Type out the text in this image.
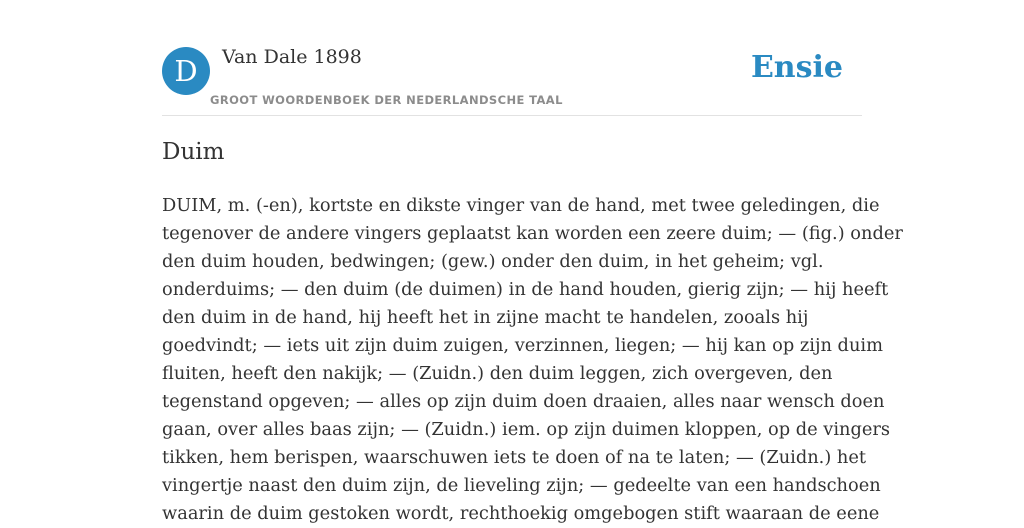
D	Van Dale 1898
GROOT WOORDENBOEK DER NEDERLANDSCHE TAAL
Ensie
Duim
DUIM, m. (-en), kortste en dikste vinger van de hand, met twee geledingen, die
tegenover de andere vingers geplaatst kan worden een zeere duim; — (fig.) onder
den duim houden, bedwingen; (gew.) onder den duim, in het geheim; vgl.
onderduims; — den duim (de duimen) in de hand houden, gierig zijn; — hij heeft
den duim in de hand, hij heeft het in zijne macht te handelen, zooals hij
goedvindt; — iets uit zijn duim zuigen, verzinnen, liegen; — hij kan op zijn duim
fluiten, heeft den nakijk; — (Zuidn.) den duim leggen, zich overgeven, den
tegenstand opgeven; — alles op zijn duim doen draaien, alles naar wensch doen
gaan, over alles baas zijn; — (Zuidn.) iem. op zijn duimen kloppen, op de vingers
tikken, hem berispen, waarschuwen iets te doen of na te laten; — (Zuidn.) het
vingertje naast den duim zijn, de lieveling zijn; — gedeelte van een handschoen
waarin de duim gestoken wordt, rechthoekig omgebogen stift waaraan de eene
